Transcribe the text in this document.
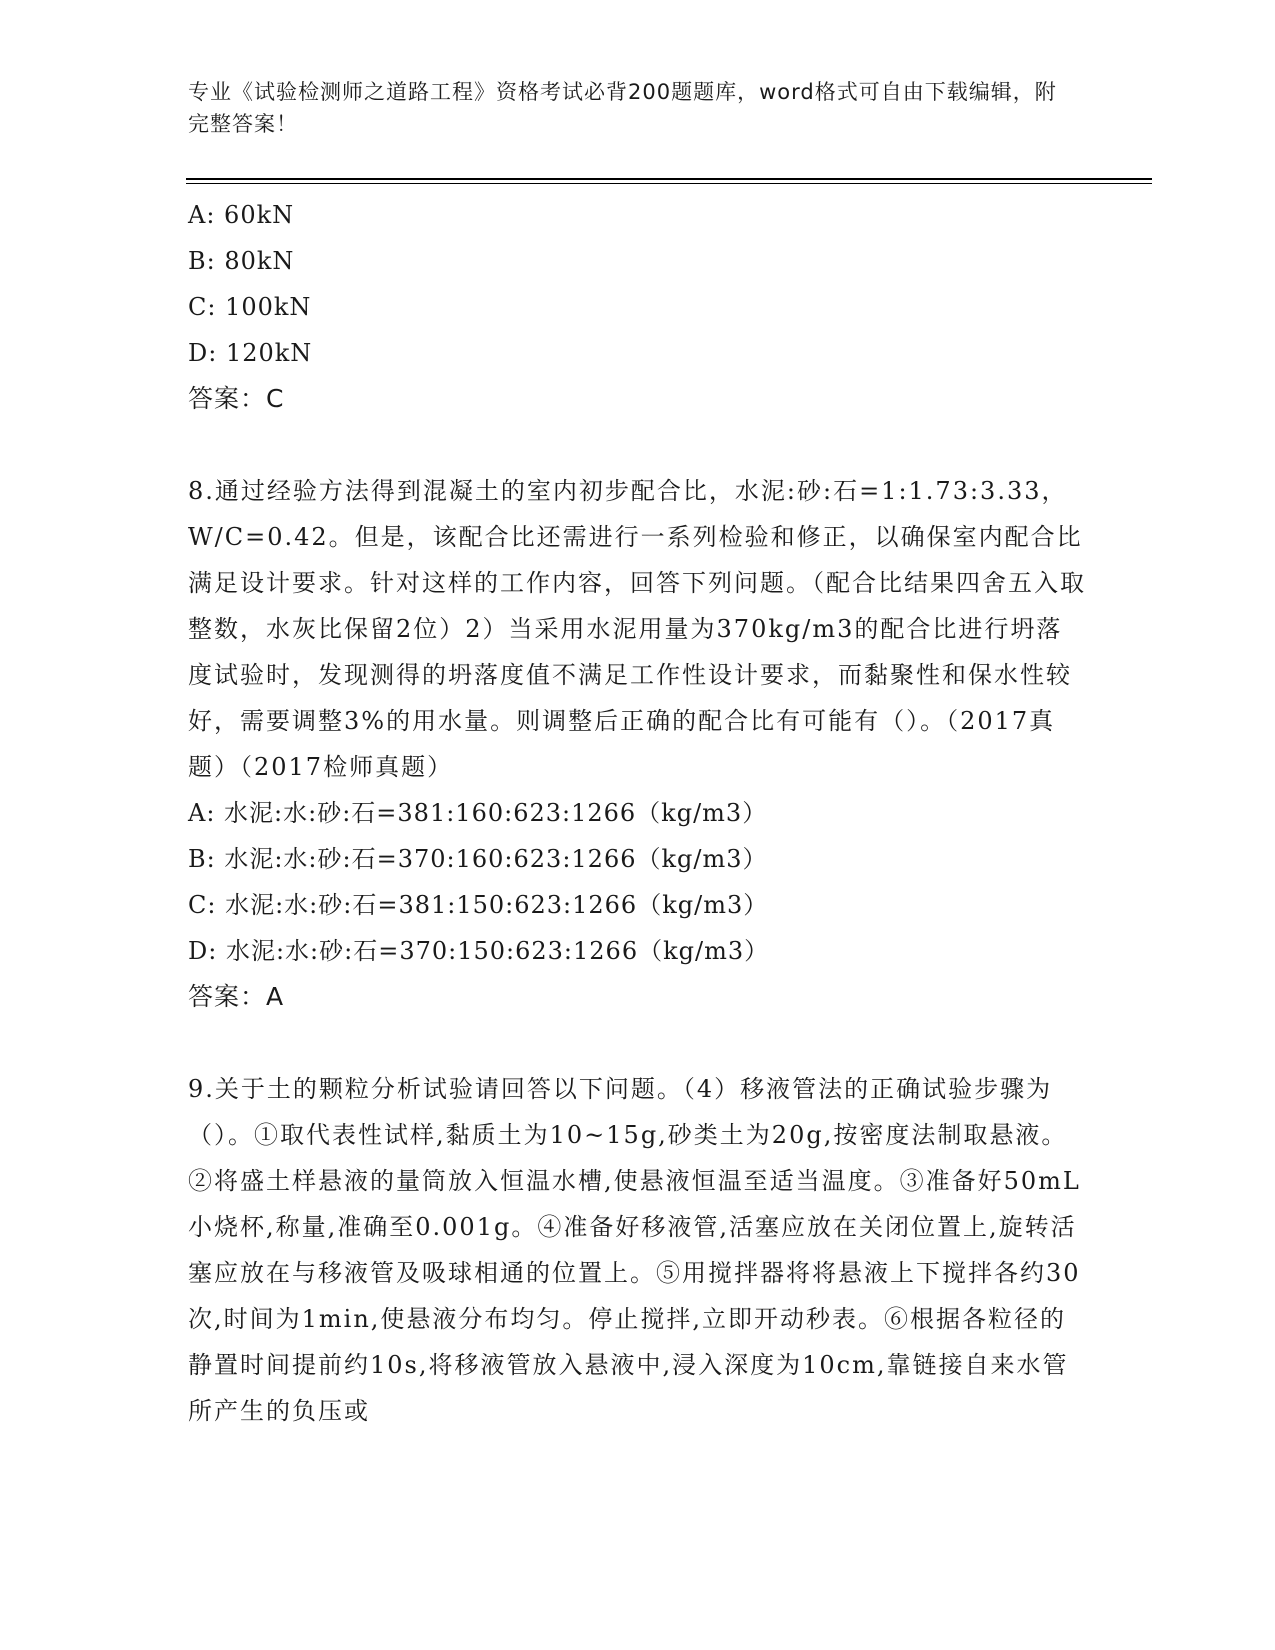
专业《试验检测师之道路工程》资格考试必背200题题库，word格式可自由下载编辑，附完整答案！
A: 60kN
B: 80kN
C: 100kN
D: 120kN
答案：C

8.通过经验方法得到混凝土的室内初步配合比，水泥:砂:石=1:1.73:3.33，W/C=0.42。但是，该配合比还需进行一系列检验和修正，以确保室内配合比满足设计要求。针对这样的工作内容，回答下列问题。（配合比结果四舍五入取整数，水灰比保留2位）2）当采用水泥用量为370kg/m3的配合比进行坍落度试验时，发现测得的坍落度值不满足工作性设计要求，而黏聚性和保水性较好，需要调整3%的用水量。则调整后正确的配合比有可能有（）。（2017真题）（2017检师真题）

A: 水泥:水:砂:石=381:160:623:1266（kg/m3）
B: 水泥:水:砂:石=370:160:623:1266（kg/m3）
C: 水泥:水:砂:石=381:150:623:1266（kg/m3）
D: 水泥:水:砂:石=370:150:623:1266（kg/m3）
答案：A

9.关于土的颗粒分析试验请回答以下问题。（4）移液管法的正确试验步骤为（）。①取代表性试样,黏质土为10~15g,砂类土为20g,按密度法制取悬液。②将盛土样悬液的量筒放入恒温水槽,使悬液恒温至适当温度。③准备好50mL小烧杯,称量,准确至0.001g。④准备好移液管,活塞应放在关闭位置上,旋转活塞应放在与移液管及吸球相通的位置上。⑤用搅拌器将将悬液上下搅拌各约30次,时间为1min,使悬液分布均匀。停止搅拌,立即开动秒表。⑥根据各粒径的静置时间提前约10s,将移液管放入悬液中,浸入深度为10cm,靠链接自来水管所产生的负压或
